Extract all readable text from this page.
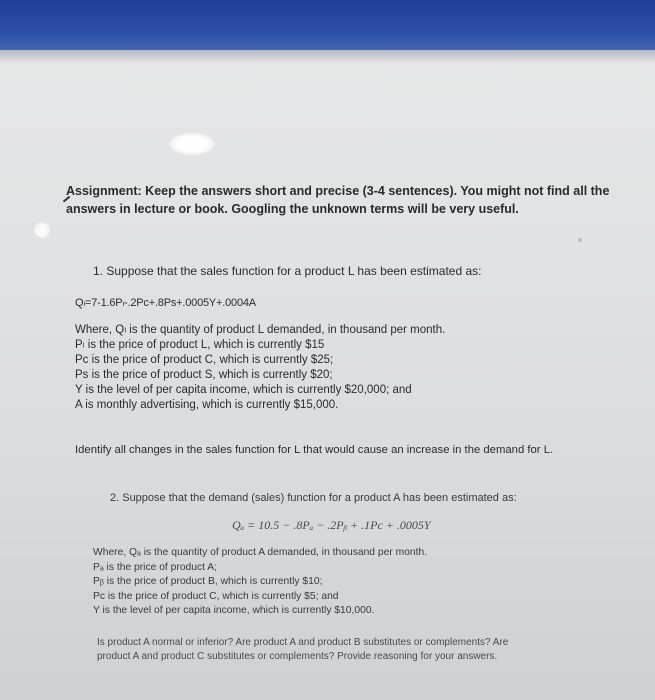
Assignment: Keep the answers short and precise (3-4 sentences). You might not find all the
answers in lecture or book. Googling the unknown terms will be very useful.
1. Suppose that the sales function for a product L has been estimated as:
Qₗ=7-1.6Pₗ-.2Pc+.8Ps+.0005Y+.0004A
Where, Qₗ is the quantity of product L demanded, in thousand per month.
Pₗ is the price of product L, which is currently $15
Pc is the price of product C, which is currently $25;
Ps is the price of product S, which is currently $20;
Y is the level of per capita income, which is currently $20,000; and
A is monthly advertising, which is currently $15,000.
Identify all changes in the sales function for L that would cause an increase in the demand for L.
2. Suppose that the demand (sales) function for a product A has been estimated as:
Qₐ = 10.5 − .8Pₐ − .2Pᵦ + .1Pc + .0005Y
Where, Qₐ is the quantity of product A demanded, in thousand per month.
Pₐ is the price of product A;
Pᵦ is the price of product B, which is currently $10;
Pc is the price of product C, which is currently $5; and
Y is the level of per capita income, which is currently $10,000.
Is product A normal or inferior? Are product A and product B substitutes or complements? Are
product A and product C substitutes or complements? Provide reasoning for your answers.
